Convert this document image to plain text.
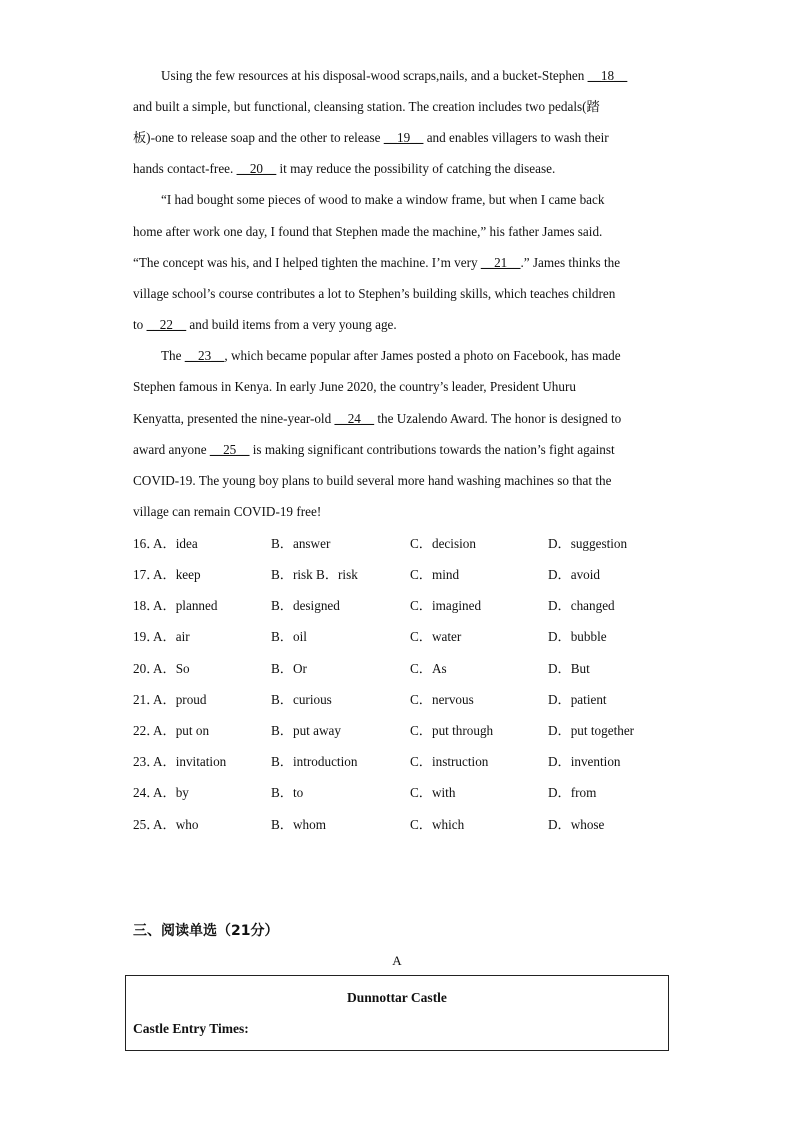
Using the few resources at his disposal-wood scraps,nails, and a bucket-Stephen __18__
and built a simple, but functional, cleansing station. The creation includes two pedals(踏
板)-one to release soap and the other to release __19__ and enables villagers to wash their
hands contact-free. __20__ it may reduce the possibility of catching the disease.
“I had bought some pieces of wood to make a window frame, but when I came back
home after work one day, I found that Stephen made the machine,” his father James said.
“The concept was his, and I helped tighten the machine. I’m very __21__.” James thinks the
village school’s course contributes a lot to Stephen’s building skills, which teaches children
to __22__ and build items from a very young age.
The __23__, which became popular after James posted a photo on Facebook, has made
Stephen famous in Kenya. In early June 2020, the country’s leader, President Uhuru
Kenyatta, presented the nine-year-old __24__ the Uzalendo Award. The honor is designed to
award anyone __25__ is making significant contributions towards the nation’s fight against
COVID-19. The young boy plans to build several more hand washing machines so that the
village can remain COVID-19 free!
16．
A．idea	B．answer	C．decision	D．suggestion
17．
A．keep	B．risk B．risk	C．mind	D．avoid
18．
A．planned	B．designed	C．imagined	D．changed
19．
A．air	B．oil	C．water	D．bubble
20．
A．So	B．Or	C．As	D．But
21．
A．proud	B．curious	C．nervous	D．patient
22．
A．put on	B．put away	C．put through	D．put together
23．
A．invitation	B．introduction	C．instruction	D．invention
24．
A．by	B．to	C．with	D．from
25．
A．who	B．whom	C．which	D．whose
三、阅读单选（21分）
A
Dunnottar Castle
Castle Entry Times:
